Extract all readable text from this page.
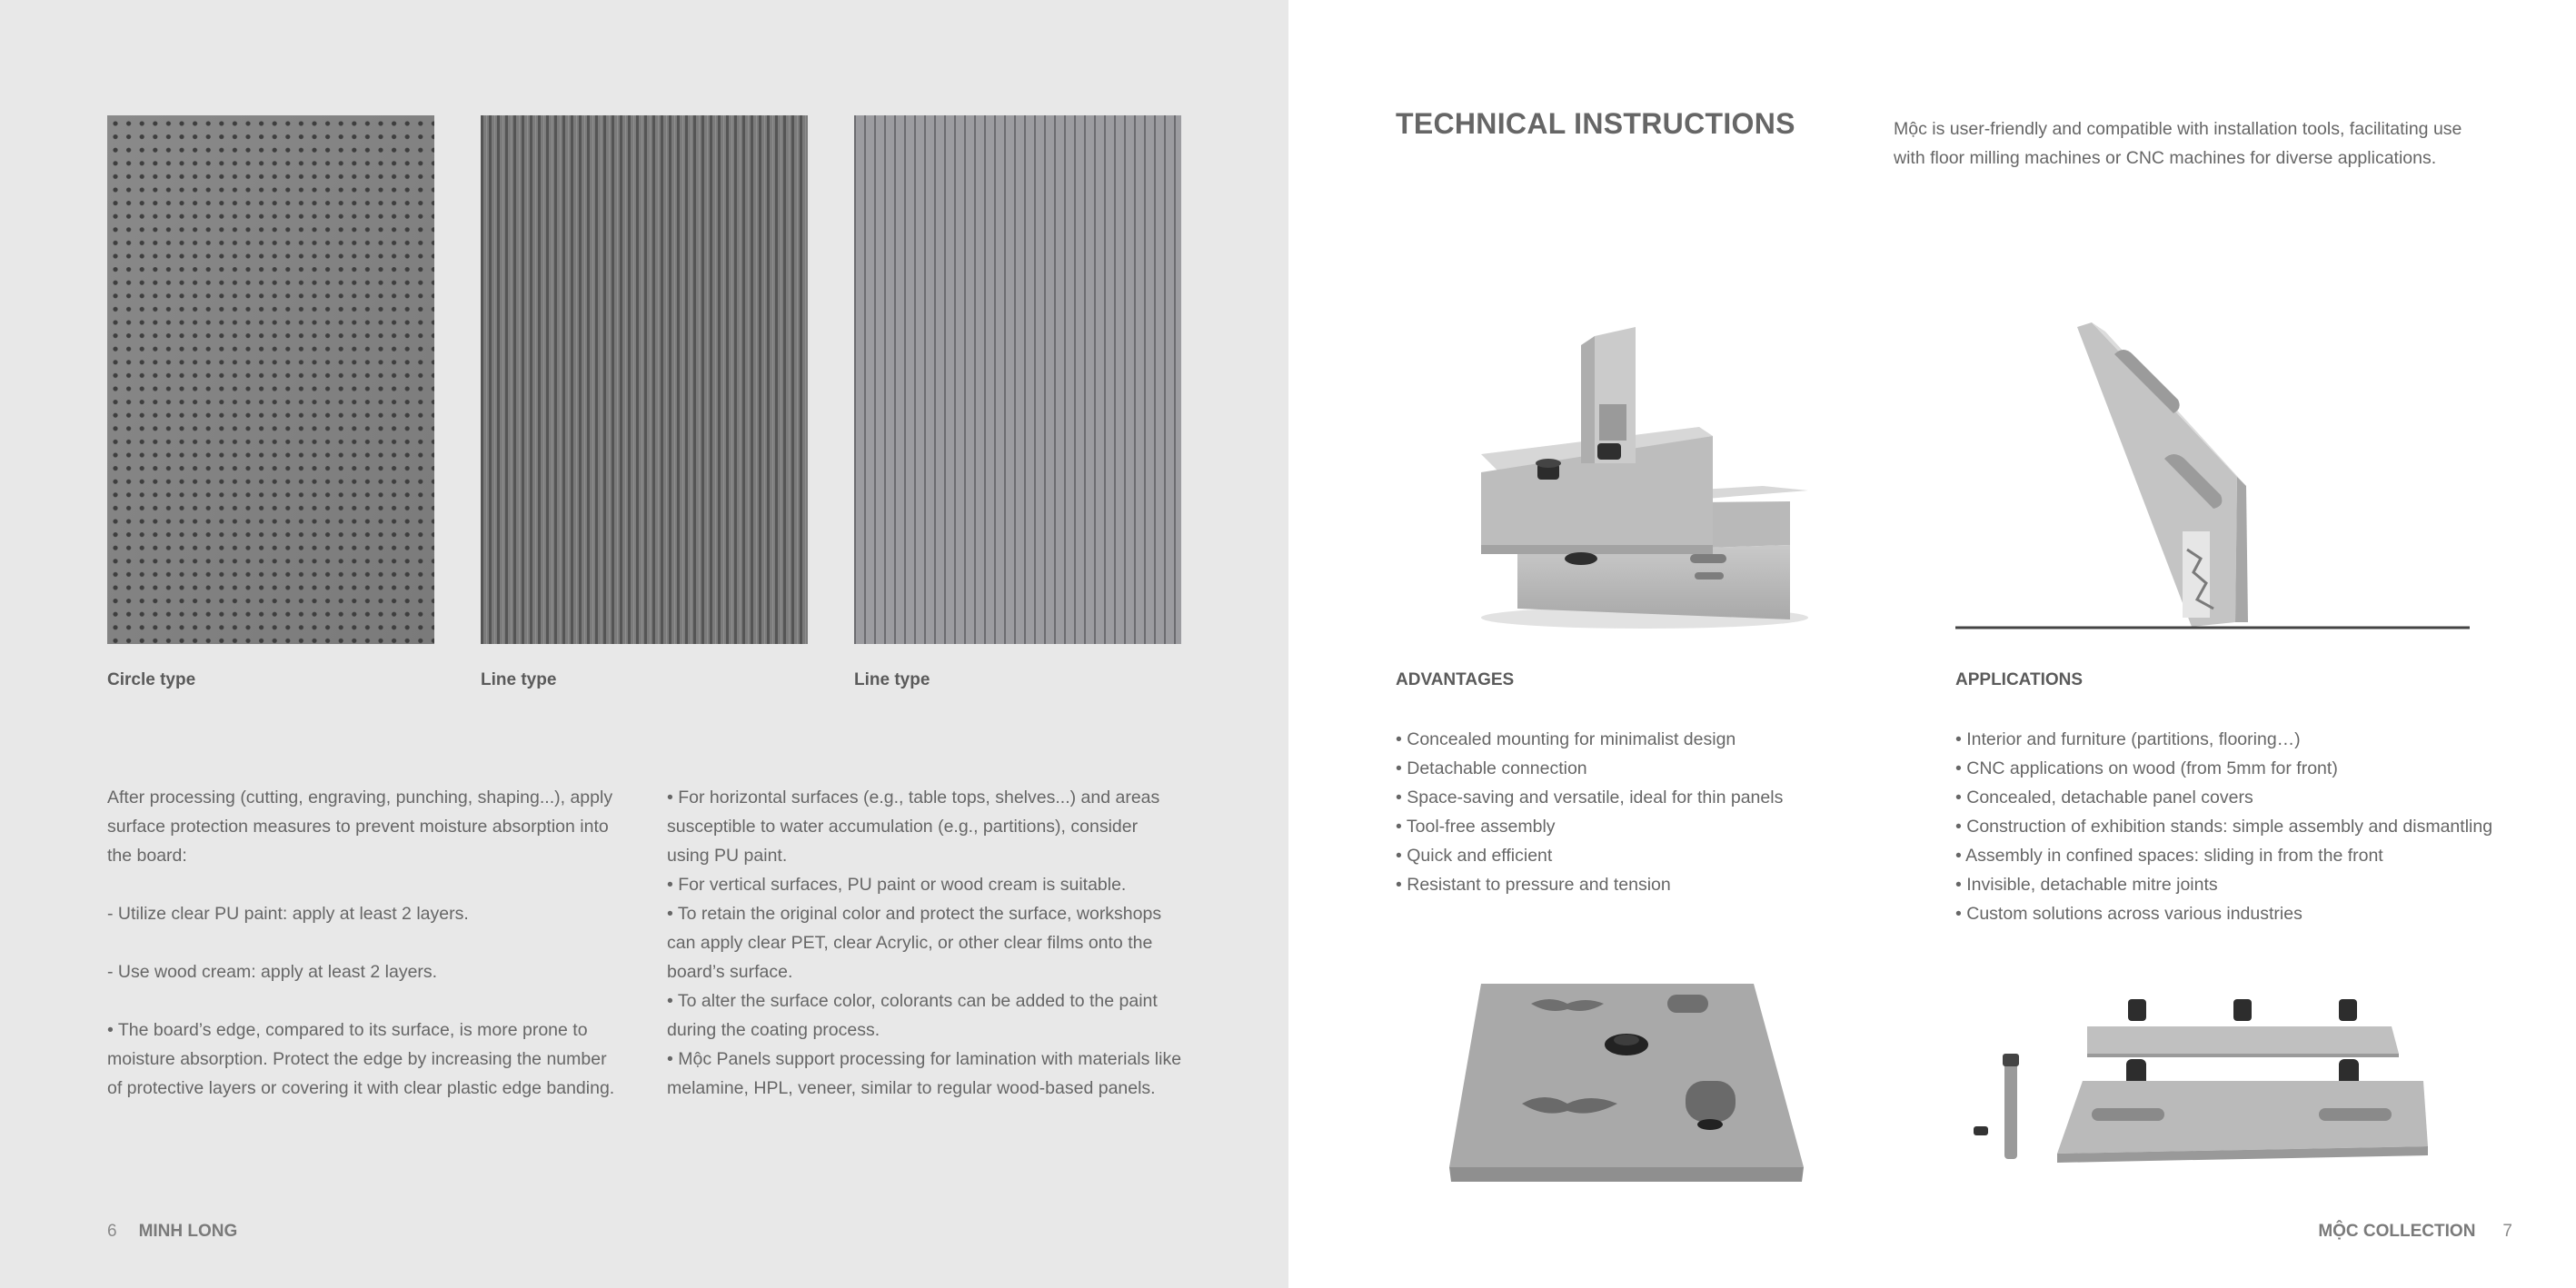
Circle type	Line type	Line type

After processing (cutting, engraving, punching, shaping...), apply surface protection measures to prevent moisture absorption into the board:

- Utilize clear PU paint: apply at least 2 layers.

- Use wood cream: apply at least 2 layers.

• The board’s edge, compared to its surface, is more prone to moisture absorption. Protect the edge by increasing the number of protective layers or covering it with clear plastic edge banding.

• For horizontal surfaces (e.g., table tops, shelves...) and areas susceptible to water accumulation (e.g., partitions), consider using PU paint.
• For vertical surfaces, PU paint or wood cream is suitable.
• To retain the original color and protect the surface, workshops can apply clear PET, clear Acrylic, or other clear films onto the board’s surface.
• To alter the surface color, colorants can be added to the paint during the coating process.
• Mộc Panels support processing for lamination with materials like melamine, HPL, veneer, similar to regular wood-based panels.

6 MINH LONG
TECHNICAL INSTRUCTIONS	Mộc is user-friendly and compatible with installation tools, facilitating use with floor milling machines or CNC machines for diverse applications.
ADVANTAGES
• Concealed mounting for minimalist design
• Detachable connection
• Space-saving and versatile, ideal for thin panels
• Tool-free assembly
• Quick and efficient
• Resistant to pressure and tension
APPLICATIONS
• Interior and furniture (partitions, flooring…)
• CNC applications on wood (from 5mm for front)
• Concealed, detachable panel covers
• Construction of exhibition stands: simple assembly and dismantling
• Assembly in confined spaces: sliding in from the front
• Invisible, detachable mitre joints
• Custom solutions across various industries
MỘC COLLECTION 7
